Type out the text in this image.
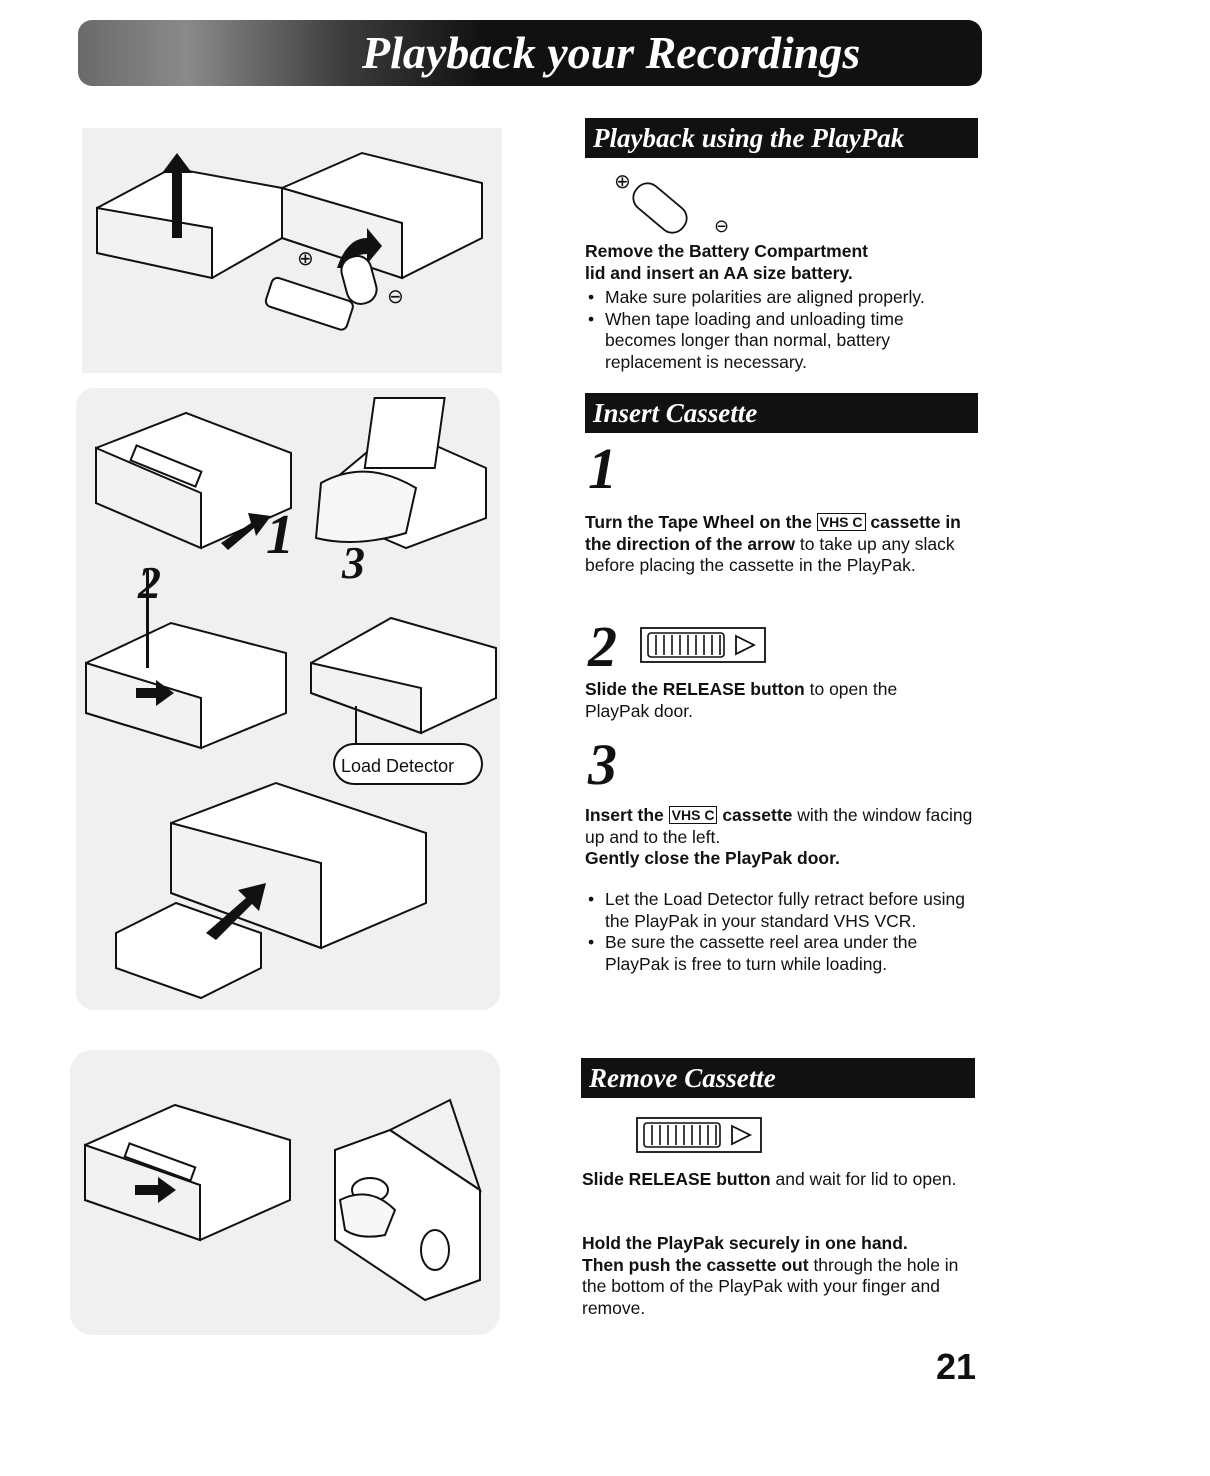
Playback your Recordings
⊕
⊖
1
2	3
Load Detector
Playback using the PlayPak
⊕
⊖
Remove the Battery Compartment
lid and insert an AA size battery.
• Make sure polarities are aligned properly.
• When tape loading and unloading time becomes longer than normal, battery replacement is necessary.
Insert Cassette
1
Turn the Tape Wheel on the VHS C cassette in the direction of the arrow to take up any slack before placing the cassette in the PlayPak.
2
Slide the RELEASE button to open the PlayPak door.
3
Insert the VHS C cassette with the window facing up and to the left.
Gently close the PlayPak door.
• Let the Load Detector fully retract before using the PlayPak in your standard VHS VCR.
• Be sure the cassette reel area under the PlayPak is free to turn while loading.
Remove Cassette
Slide RELEASE button and wait for lid to open.
Hold the PlayPak securely in one hand.
Then push the cassette out through the hole in the bottom of the PlayPak with your finger and remove.
21
